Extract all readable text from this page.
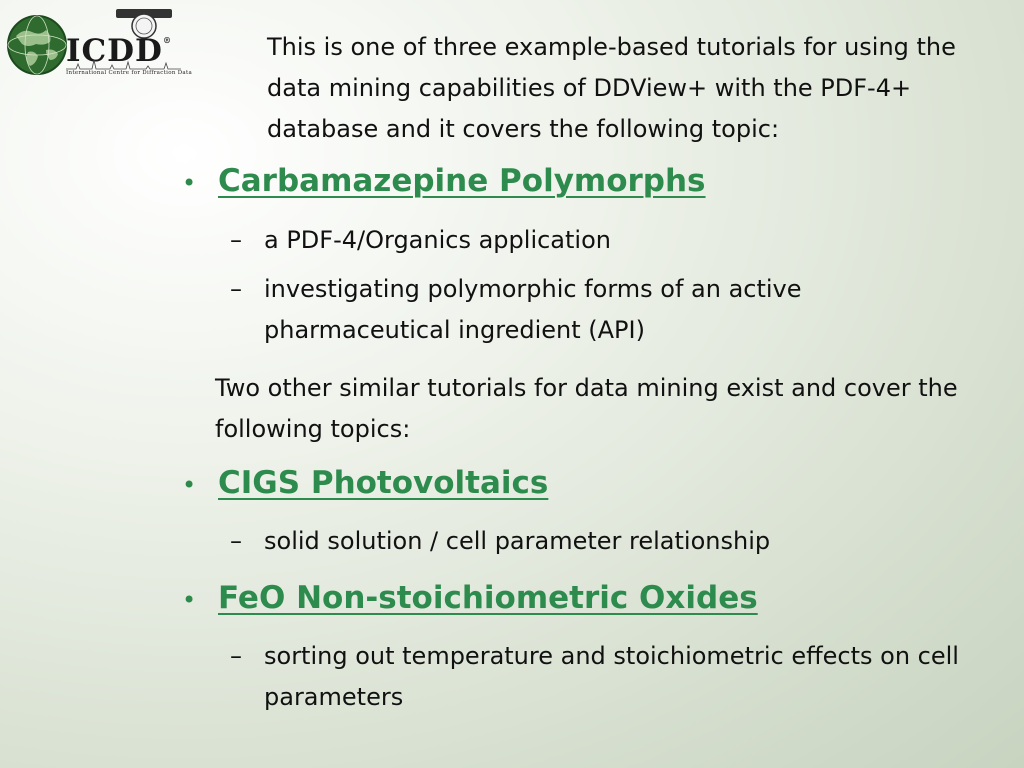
ICDD®
International Centre for Diffraction Data

This is one of three example-based tutorials for using the data mining capabilities of DDView+ with the PDF-4+ database and it covers the following topic:

• Carbamazepine Polymorphs
– a PDF-4/Organics application
– investigating polymorphic forms of an active pharmaceutical ingredient (API)

Two other similar tutorials for data mining exist and cover the following topics:

• CIGS Photovoltaics
– solid solution / cell parameter relationship
• FeO Non-stoichiometric Oxides
– sorting out temperature and stoichiometric effects on cell parameters
